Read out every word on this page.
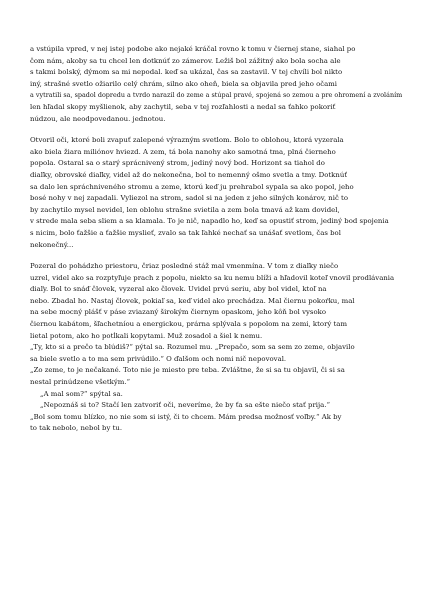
a vstúpila vpred, v nej istej podobe ako nejaké kráčal rovno k tomu v čiernej stane, siahal po
čom nám, akoby sa tu chcel len dotknúť zo zámerov. Ležiš bol zážitný ako bola socha ale
s takmi bolský, dýmom sa mi nepodal. keď sa ukázal, čas sa zastavil. V tej chvíli bol nikto
iný, strašné svetlo ožiarilo celý chrám, silno ako oheň, biela sa objavila pred jeho očami
a vytratili sa, spadol dopredu a tvrdo narazil do zeme a stúpal pravé, spojená so zemou a pre ohromení a zvoláním
len hľadal skopy myšlienok, aby zachytil, seba v tej rozľahlosti a nedal sa ťahko pokoriť
núdzou, ale neodpovedanou. jednotou.
Otvoril oči, ktoré boli zvapuť zalepené výrazným svetlom. Bolo to oblohou, ktorá vyzerala
ako biela žiara miliónov hviezd. A zem, tá bola nanohy ako samotná tma, plná čierneho
popola. Ostaral sa o starý sprácnivený strom, jediný nový bod. Horizont sa tiahol do
diaľky, obrovské diaľky, videl až do nekonečna, bol to nemenný ošmo svetla a tmy. Dotknúť
sa dalo len spráchniveného stromu a zeme, ktorú keď ju prehrabol sypala sa ako popol, jeho
bosé nohy v nej zapadali. Vyliezol na strom, sadol si na jeden z jeho silných konárov, nič to
by zachytilo mysel nevidel, len oblohu strašne svietila a zem bola tmavá až kam dovidel,
v strede mala seba sliem a sa klamala. To je nič, napadlo ho, keď sa opustiť strom, jediný bod spojenia
s nicim, bolo ťažšie a ťažšie myslieť, zvalo sa tak ľahké nechať sa unášať svetlom, čas bol
nekonečný...
Pozeral do pohádzho priestoru, čriaz posledné stáž mal vmenmína. V tom z diaľky niečo
uzrel, videl ako sa rozptyľuje prach z popolu, niekto sa ku nemu blíži a hľadovil koteľ vnovil prodlávania
diaľy. Bol to snáď človek, vyzeral ako človek. Uvidel prvú seriu, aby bol videl, ktoľ na
nebo. Zbadal ho. Nastaj človek, pokiaľ sa, keď videl ako prechádza. Mal čiernu pokoŕku, mal
na sebe mocný plášť v páse zviazaný širokým čiernym opaskom, jeho kôň bol vysoko
čiernou kabátom, šľachetníou a energickou, prárna splývala s popolom na zemi, ktorý tam
lietal potom, ako ho potĺkali kopytami. Muž zosadol a šiel k nemu.
„Ty, kto si a prečo ta blúdiš?“ pýtal sa. Rozumel mu. „Prepačo, som sa sem zo zeme, objavilo
sa biele svetlo a to ma sem privúdilo.“ O ďalšom och nomi nič nepovoval.
„Zo zeme, to je nečakané. Toto nie je miesto pre teba. Zvláštne, že si sa tu objavil, či si sa
nestal prinúdzene všetkým.“
„A mal som?“ spýtal sa.
„Nepoznáš si to? Stačí len zatvoriť oči, neveríme, že by ťa sa ešte niečo stať prija.“
„Bol som tomu blízko, no nie som si istý, či to chcem. Mám predsa možnosť voľby.“ Ak by
to tak nebolo, nebol by tu.
